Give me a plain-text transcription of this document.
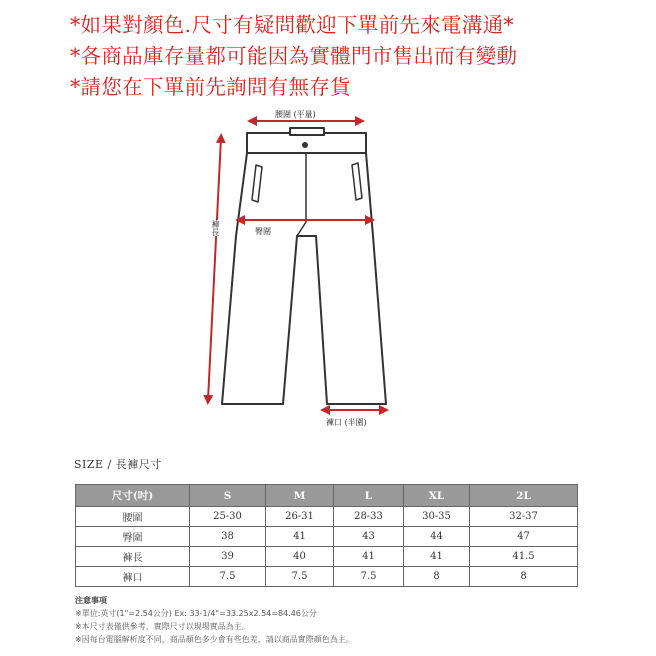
*如果對顏色.尺寸有疑問歡迎下單前先來電溝通*
*各商品庫存量都可能因為實體門市售出而有變動
*請您在下單前先詢問有無存貨
腰圍 (平量)
臀圍
褲長
褲口 (半圍)
SIZE / 長褲尺寸
尺寸(吋)	S	M	L	XL	2L
腰圍	25-30	26-31	28-33	30-35	32-37
臀圍	38	41	43	44	47
褲長	39	40	41	41	41.5
褲口	7.5	7.5	7.5	8	8
注意事項
※單位:英寸(1"=2.54公分) Ex: 33-1/4"=33.25x2.54=84.46公分
※本尺寸表僅供參考，實際尺寸以現場實品為主。
※因每台電腦解析度不同，商品顏色多少會有些色差，請以商品實際顏色為主。
